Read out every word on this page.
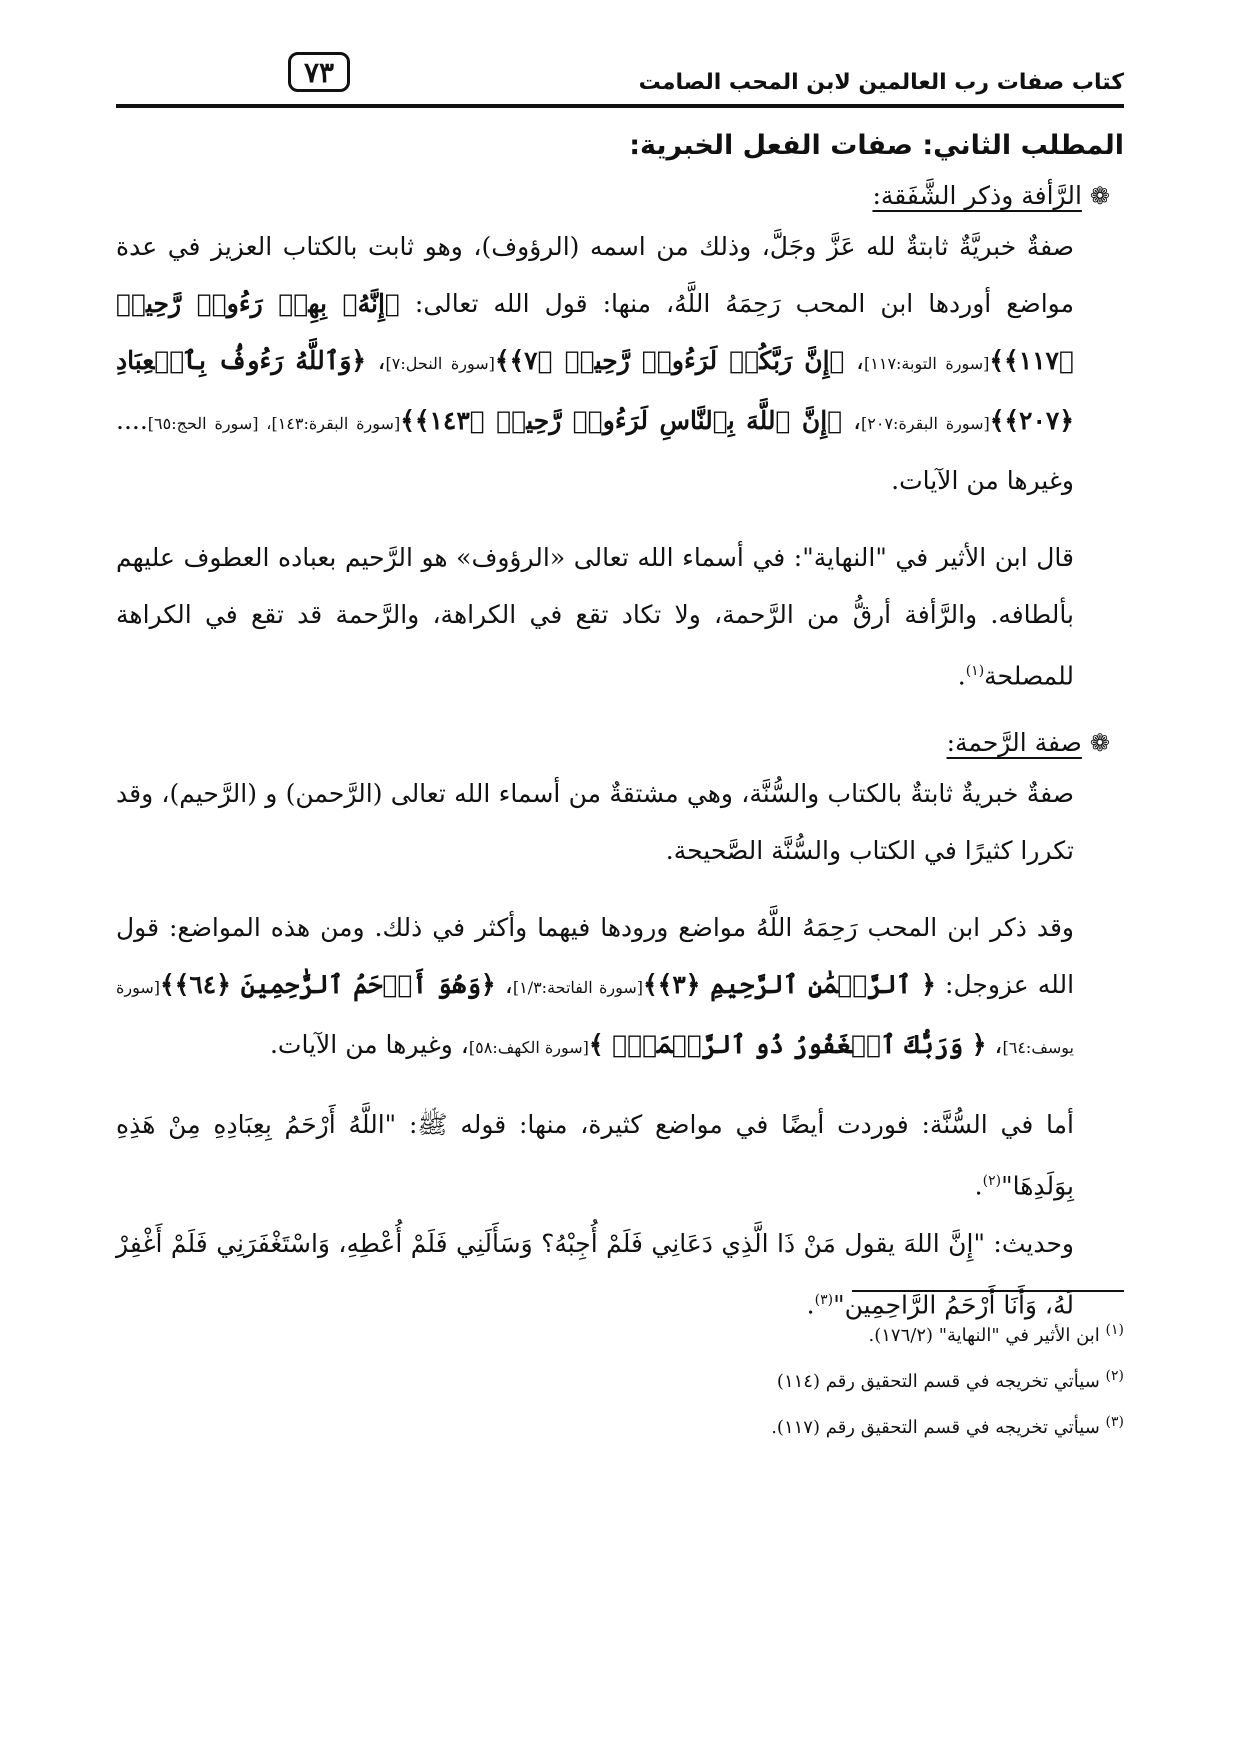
٧٣	كتاب صفات رب العالمين لابن المحب الصامت
المطلب الثاني: صفات الفعل الخبرية:
❁الرَّأفة وذكر الشَّفَقة:

صفةٌ خبريَّةٌ ثابتةٌ لله عَزَّ وجَلَّ، وذلك من اسمه (الرؤوف)، وهو ثابت بالكتاب العزيز في عدة مواضع أوردها ابن المحب رَحِمَهُ اللَّهُ، منها: قول الله تعالى: ﴿إِنَّهُۥ بِهِمۡ رَءُوفٞ رَّحِيمٞ ﴿١١٧﴾﴾[سورة التوبة:١١٧]، ﴿إِنَّ رَبَّكُمۡ لَرَءُوفٞ رَّحِيمٞ ﴿٧﴾﴾[سورة النحل:٧]، ﴿وَٱللَّهُ رَءُوفُۢ بِٱلۡعِبَادِ ﴿٢٠٧﴾﴾[سورة البقرة:٢٠٧]، ﴿إِنَّ ٱللَّهَ بِٱلنَّاسِ لَرَءُوفٞ رَّحِيمٞ ﴿١٤٣﴾﴾[سورة البقرة:١٤٣]، [سورة الحج:٦٥].... وغيرها من الآيات.

قال ابن الأثير في "النهاية": في أسماء الله تعالى «الرؤوف» هو الرَّحيم بعباده العطوف عليهم بألطافه. والرَّأفة أرقُّ من الرَّحمة، ولا تكاد تقع في الكراهة، والرَّحمة قد تقع في الكراهة للمصلحة$^{(١)}$.

❁صفة الرَّحمة:

صفةٌ خبريةٌ ثابتةٌ بالكتاب والسُّنَّة، وهي مشتقةٌ من أسماء الله تعالى (الرَّحمن) و (الرَّحيم)، وقد تكررا كثيرًا في الكتاب والسُّنَّة الصَّحيحة.

وقد ذكر ابن المحب رَحِمَهُ اللَّهُ مواضع ورودها فيهما وأكثر في ذلك. ومن هذه المواضع: قول الله عزوجل: ﴿ ٱلرَّحۡمَٰنِ ٱلرَّحِيمِ ﴿٣﴾﴾[سورة الفاتحة:١/٣]، ﴿وَهُوَ أَرۡحَمُ ٱلرَّٰحِمِينَ ﴿٦٤﴾﴾[سورة يوسف:٦٤]، ﴿ وَرَبُّكَ ٱلۡغَفُورُ ذُو ٱلرَّحۡمَةِۖ ﴾[سورة الكهف:٥٨]، وغيرها من الآيات.

أما في السُّنَّة: فوردت أيضًا في مواضع كثيرة، منها: قوله ﷺ: "اللَّهُ أَرْحَمُ بِعِبَادِهِ مِنْ هَذِهِ بِوَلَدِهَا"$^{(٢)}$.

وحديث: "إِنَّ اللهَ يقول مَنْ ذَا الَّذِي دَعَانِي فَلَمْ أُجِبْهُ؟ وَسَأَلَنِي فَلَمْ أُعْطِهِ، وَاسْتَغْفَرَنِي فَلَمْ أَغْفِرْ لَهُ، وَأَنَا أَرْحَمُ الرَّاحِمِين"$^{(٣)}$.

$^{(١)}$ ابن الأثير في "النهاية" (١٧٦/٢).
$^{(٢)}$ سيأتي تخريجه في قسم التحقيق رقم (١١٤)
$^{(٣)}$ سيأتي تخريجه في قسم التحقيق رقم (١١٧).
